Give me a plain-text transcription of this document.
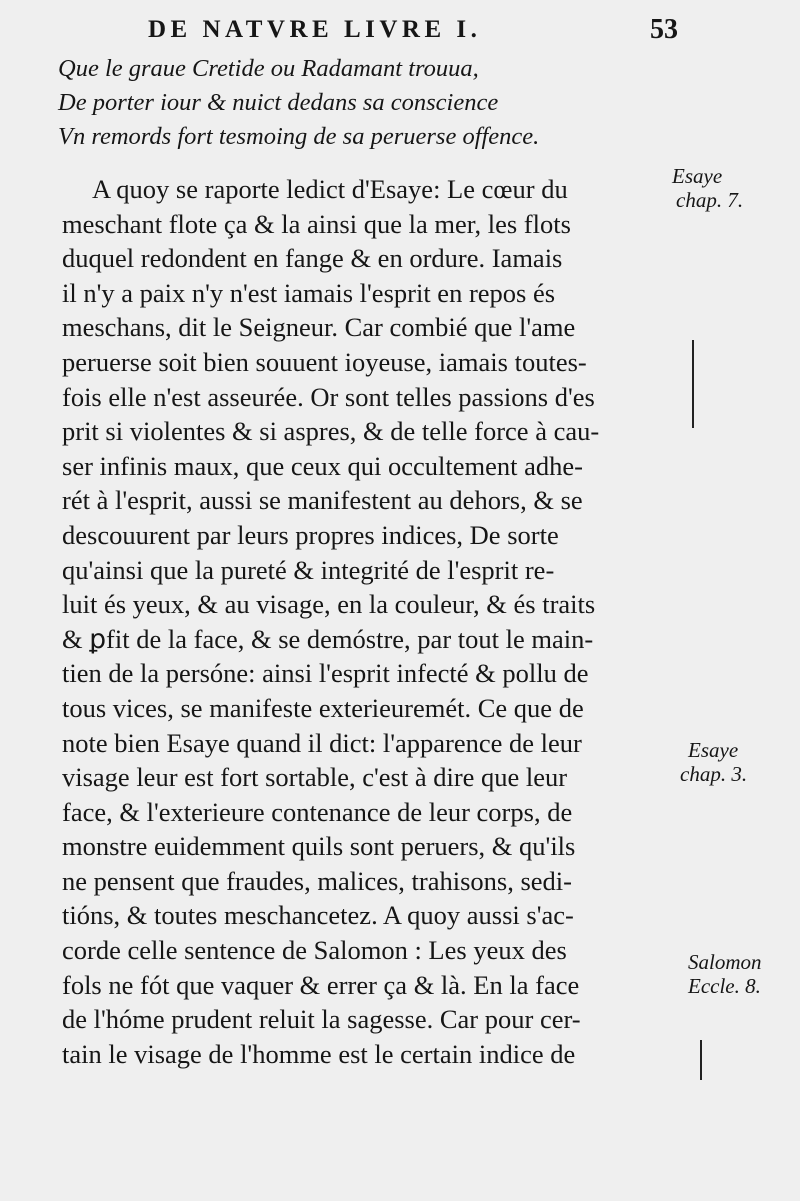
DE NATVRE LIVRE I.	53
Que le graue Cretide ou Radamant trouua,
De porter iour & nuict dedans sa conscience
Vn remords fort tesmoing de sa peruerse offence.
A quoy se raporte ledict d'Esaye: Le cœur du
meschant flote ça & la ainsi que la mer, les flots
duquel redondent en fange & en ordure. Iamais
il n'y a paix n'y n'est iamais l'esprit en repos és
meschans, dit le Seigneur. Car combié que l'ame
peruerse soit bien souuent ioyeuse, iamais toutes-
fois elle n'est asseurée. Or sont telles passions d'es
prit si violentes & si aspres, & de telle force à cau-
ser infinis maux, que ceux qui occultement adhe-
rét à l'esprit, aussi se manifestent au dehors, & se
descouurent par leurs propres indices, De sorte
qu'ainsi que la pureté & integrité de l'esprit re-
luit és yeux, & au visage, en la couleur, & és traits
& ꝑfit de la face, & se demóstre, par tout le main-
tien de la persóne: ainsi l'esprit infecté & pollu de
tous vices, se manifeste exterieuremét. Ce que de
note bien Esaye quand il dict: l'apparence de leur
visage leur est fort sortable, c'est à dire que leur
face, & l'exterieure contenance de leur corps, de
monstre euidemment quils sont peruers, & qu'ils
ne pensent que fraudes, malices, trahisons, sedi-
tións, & toutes meschancetez. A quoy aussi s'ac-
corde celle sentence de Salomon : Les yeux des
fols ne fót que vaquer & errer ça & là. En la face
de l'hóme prudent reluit la sagesse. Car pour cer-
tain le visage de l'homme est le certain indice de
Esaye
chap. 7.
Esaye
chap. 3.
Salomon
Eccle. 8.
